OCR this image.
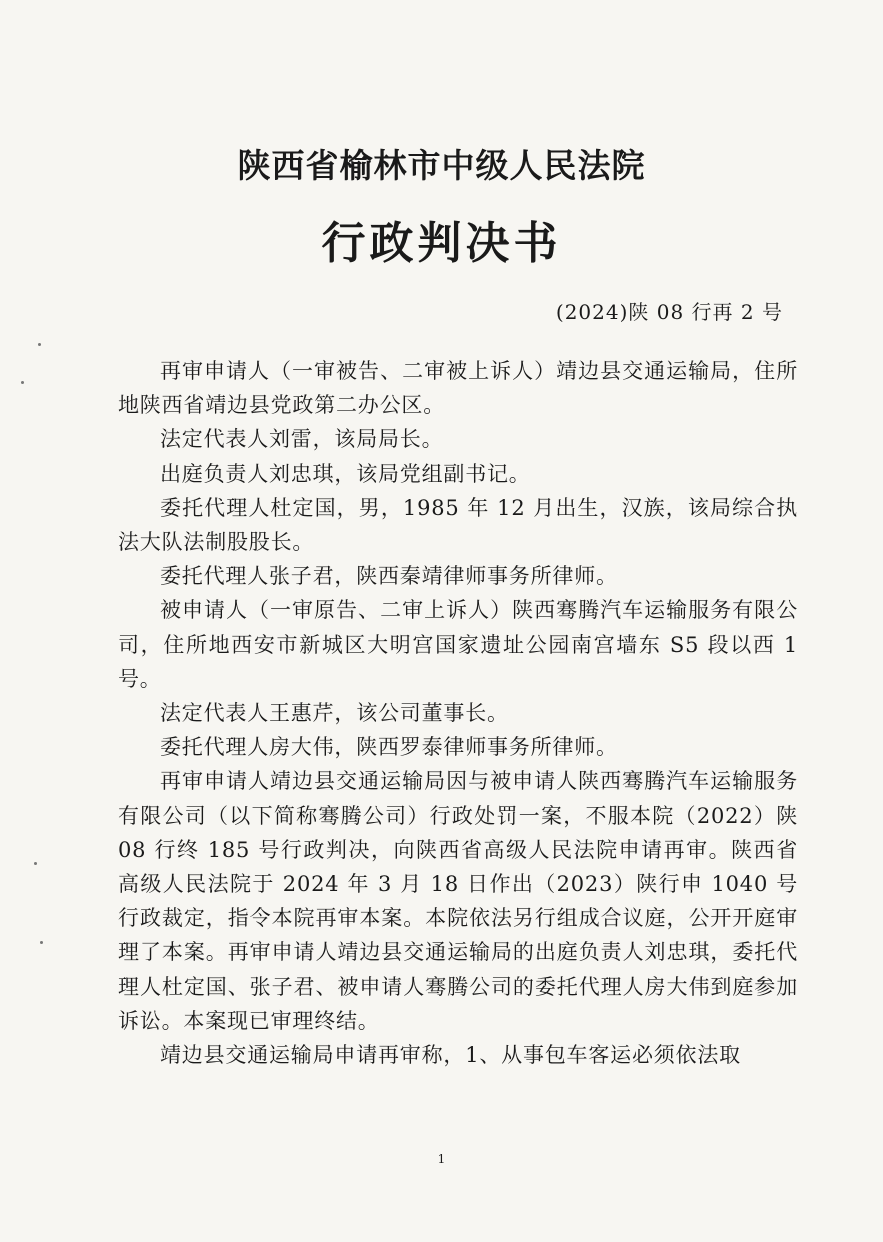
陕西省榆林市中级人民法院
行政判决书
(2024)陕 08 行再 2 号

再审申请人（一审被告、二审被上诉人）靖边县交通运输局，住所地陕西省靖边县党政第二办公区。

法定代表人刘雷，该局局长。

出庭负责人刘忠琪，该局党组副书记。

委托代理人杜定国，男，1985 年 12 月出生，汉族，该局综合执法大队法制股股长。

委托代理人张子君，陕西秦靖律师事务所律师。

被申请人（一审原告、二审上诉人）陕西骞腾汽车运输服务有限公司，住所地西安市新城区大明宫国家遗址公园南宫墙东 S5 段以西 1 号。

法定代表人王惠芹，该公司董事长。

委托代理人房大伟，陕西罗泰律师事务所律师。

再审申请人靖边县交通运输局因与被申请人陕西骞腾汽车运输服务有限公司（以下简称骞腾公司）行政处罚一案，不服本院（2022）陕 08 行终 185 号行政判决，向陕西省高级人民法院申请再审。陕西省高级人民法院于 2024 年 3 月 18 日作出（2023）陕行申 1040 号行政裁定，指令本院再审本案。本院依法另行组成合议庭，公开开庭审理了本案。再审申请人靖边县交通运输局的出庭负责人刘忠琪，委托代理人杜定国、张子君、被申请人骞腾公司的委托代理人房大伟到庭参加诉讼。本案现已审理终结。

靖边县交通运输局申请再审称，1、从事包车客运必须依法取

1
